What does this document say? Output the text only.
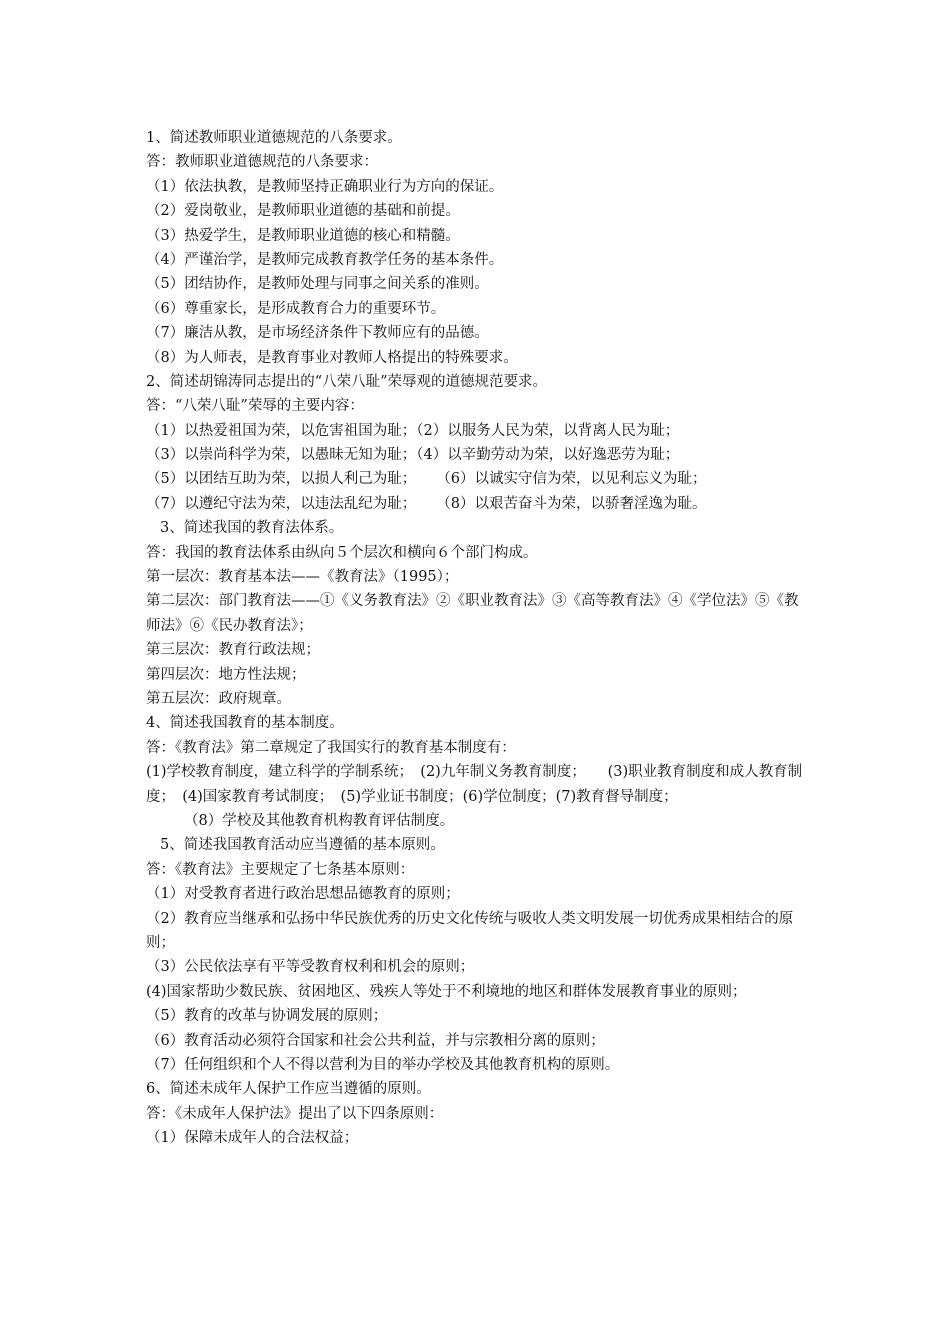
1、简述教师职业道德规范的八条要求。
答：教师职业道德规范的八条要求：
（1）依法执教，是教师坚持正确职业行为方向的保证。
（2）爱岗敬业，是教师职业道德的基础和前提。
（3）热爱学生，是教师职业道德的核心和精髓。
（4）严谨治学，是教师完成教育教学任务的基本条件。
（5）团结协作，是教师处理与同事之间关系的准则。
（6）尊重家长，是形成教育合力的重要环节。
（7）廉洁从教，是市场经济条件下教师应有的品德。
（8）为人师表，是教育事业对教师人格提出的特殊要求。
2、简述胡锦涛同志提出的“八荣八耻”荣辱观的道德规范要求。
答：“八荣八耻”荣辱的主要内容：
（1）以热爱祖国为荣，以危害祖国为耻；（2）以服务人民为荣，以背离人民为耻；
（3）以崇尚科学为荣，以愚昧无知为耻；（4）以辛勤劳动为荣，以好逸恶劳为耻；
（5）以团结互助为荣，以损人利己为耻； （6）以诚实守信为荣，以见利忘义为耻；
（7）以遵纪守法为荣，以违法乱纪为耻； （8）以艰苦奋斗为荣，以骄奢淫逸为耻。
3、简述我国的教育法体系。
答：我国的教育法体系由纵向５个层次和横向６个部门构成。
第一层次：教育基本法——《教育法》（1995）；
第二层次：部门教育法——①《义务教育法》②《职业教育法》③《高等教育法》④《学位法》⑤《教师法》⑥《民办教育法》；
第三层次：教育行政法规；
第四层次：地方性法规；
第五层次：政府规章。
4、简述我国教育的基本制度。
答：《教育法》第二章规定了我国实行的教育基本制度有：
(1)学校教育制度，建立科学的学制系统；　(2)九年制义务教育制度；　　(3)职业教育制度和成人教育制度；　(4)国家教育考试制度；　(5)学业证书制度；(6)学位制度；(7)教育督导制度；
（8）学校及其他教育机构教育评估制度。
5、简述我国教育活动应当遵循的基本原则。
答：《教育法》主要规定了七条基本原则：
（1）对受教育者进行政治思想品德教育的原则；
（2）教育应当继承和弘扬中华民族优秀的历史文化传统与吸收人类文明发展一切优秀成果相结合的原则；
（3）公民依法享有平等受教育权利和机会的原则；
(4)国家帮助少数民族、贫困地区、残疾人等处于不利境地的地区和群体发展教育事业的原则；
（5）教育的改革与协调发展的原则；
（6）教育活动必须符合国家和社会公共利益，并与宗教相分离的原则；
（7）任何组织和个人不得以营利为目的举办学校及其他教育机构的原则。
6、简述未成年人保护工作应当遵循的原则。
答：《未成年人保护法》提出了以下四条原则：
（1）保障未成年人的合法权益；
